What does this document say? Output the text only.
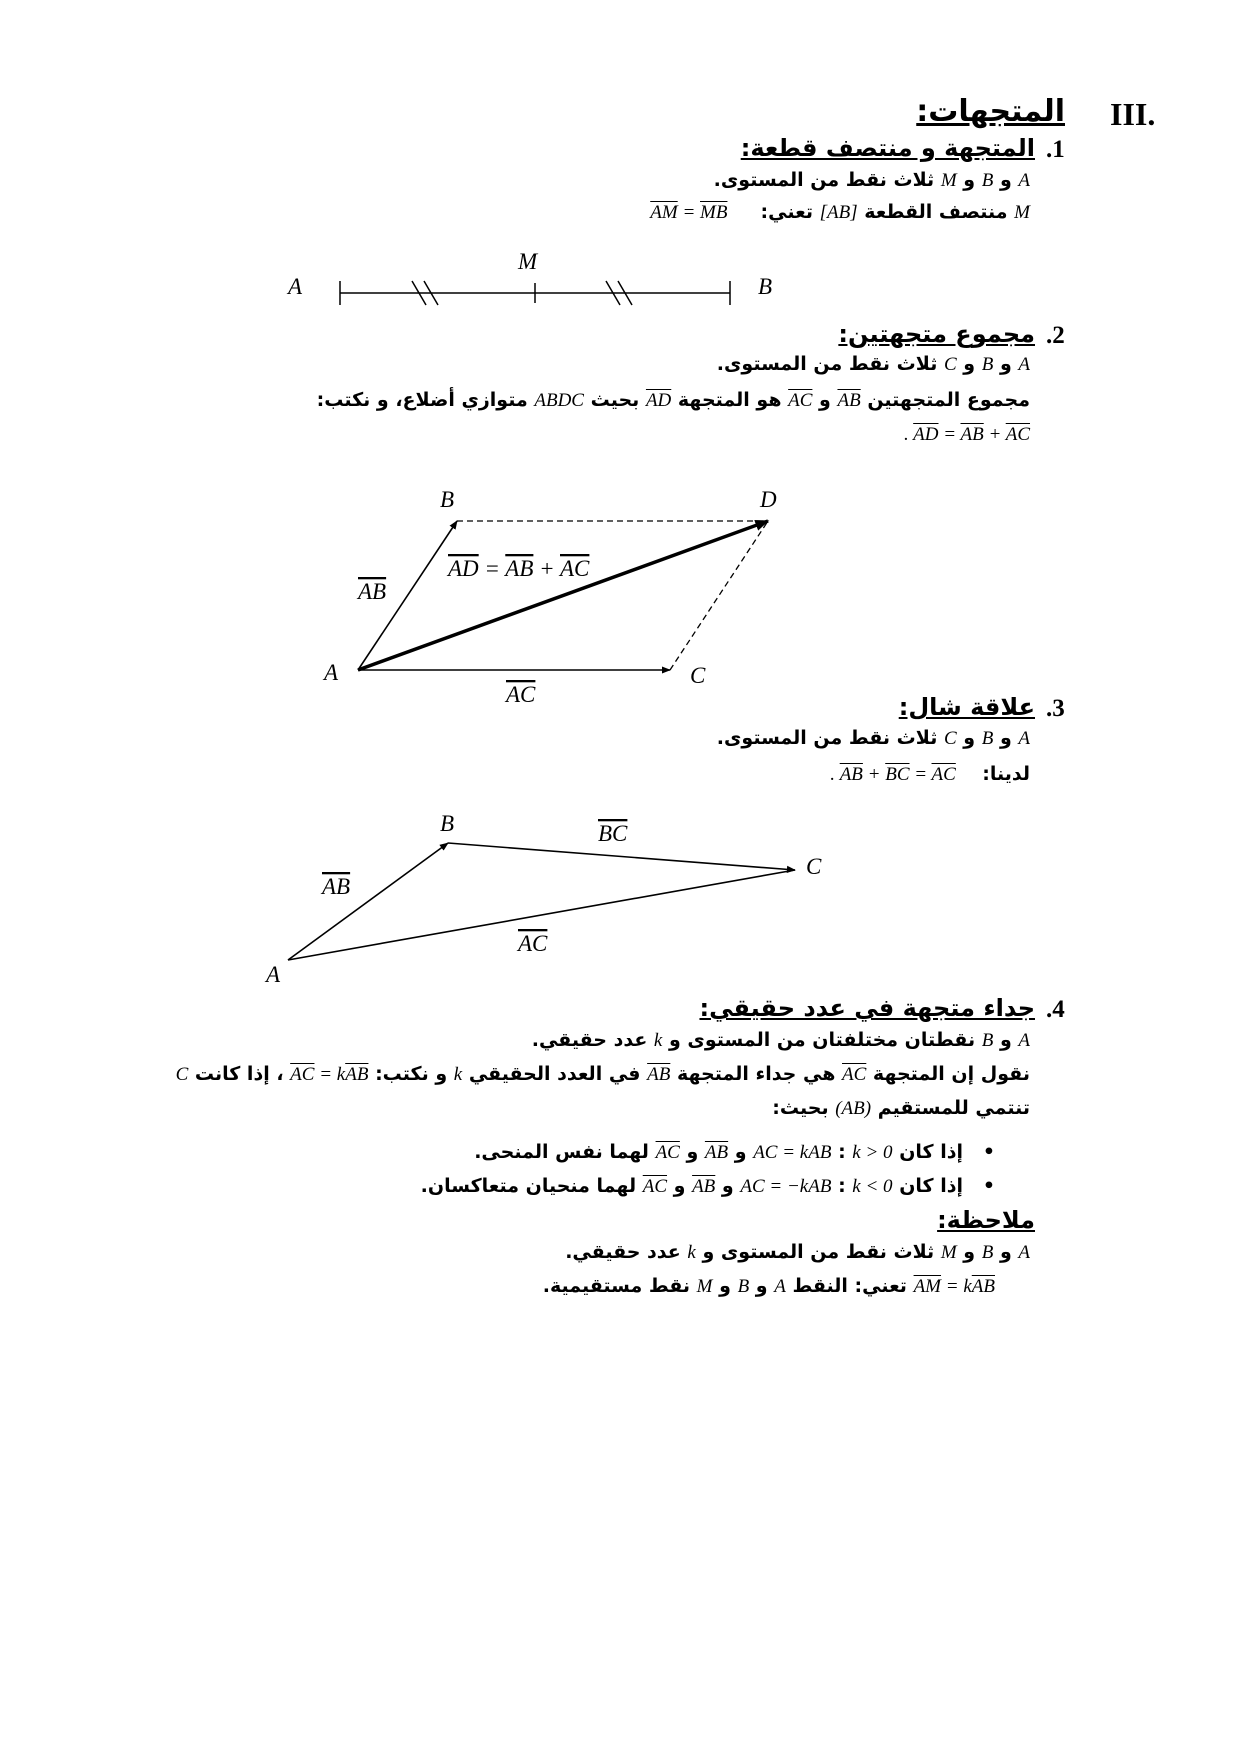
III.
المتجهات:
.1
المتجهة و منتصف قطعة:
A و B و M ثلاث نقط من المستوى.
M منتصف القطعة [AB] تعني:     $\overline{AM} = \overline{MB}$
A	B
M
.2
مجموع متجهتين:
A و B و C ثلاث نقط من المستوى.
مجموع المتجهتين $\overline{AB}$ و $\overline{AC}$ هو المتجهة $\overline{AD}$ بحيث ABDC متوازي أضلاع، و نكتب:
. $\overline{AD} = \overline{AB} + \overline{AC}$
A
B
C
D
AB
AC
AD = AB + AC
.3
علاقة شال:
A و B و C ثلاث نقط من المستوى.
لدينا:    . $\overline{AB} + \overline{BC} = \overline{AC}$
A
B
C
AB
BC
AC
.4
جداء متجهة في عدد حقيقي:
A و B نقطتان مختلفتان من المستوى و k عدد حقيقي.
نقول إن المتجهة $\overline{AC}$ هي جداء المتجهة $\overline{AB}$ في العدد الحقيقي k و نكتب: $\overline{AC} = k\overline{AB}$ ، إذا كانت C
تنتمي للمستقيم (AB) بحيث:
•   إذا كان k > 0 : AC = kAB و $\overline{AB}$ و $\overline{AC}$ لهما نفس المنحى.
•   إذا كان k < 0 : AC = −kAB و $\overline{AB}$ و $\overline{AC}$ لهما منحيان متعاكسان.
ملاحظة:
A و B و M ثلاث نقط من المستوى و k عدد حقيقي.
$\overline{AM} = k\overline{AB}$ تعني: النقط A و B و M نقط مستقيمية.
